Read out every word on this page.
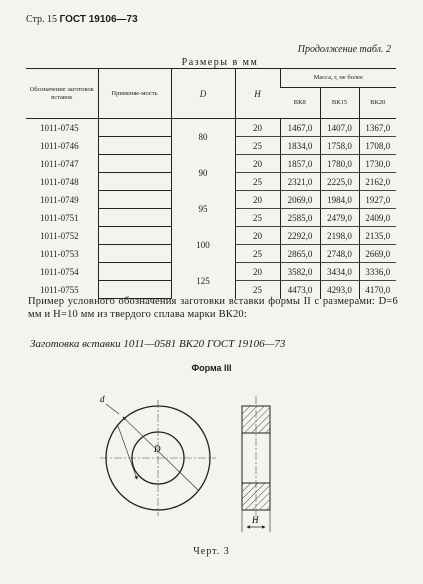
Стр. 15 ГОСТ 19106—73
Продолжение табл. 2
Размеры в мм
Обозначение заготовок вставок	Применяе-мость	D	H	Масса, г, не более		
				ВК8	ВК15	ВК20
1011-0745		80	20	1467,0	1407,0	1367,0
1011-0746			25	1834,0	1758,0	1708,0
1011-0747		90	20	1857,0	1780,0	1730,0
1011-0748			25	2321,0	2225,0	2162,0
1011-0749		95	20	2069,0	1984,0	1927,0
1011-0751			25	2585,0	2479,0	2409,0
1011-0752		100	20	2292,0	2198,0	2135,0
1011-0753			25	2865,0	2748,0	2669,0
1011-0754		125	20	3582,0	3434,0	3336,0
1011-0755			25	4473,0	4293,0	4170,0
Пример условного обозначения заготовки вставки формы II с размерами: D=6 мм и H=10 мм из твердого сплава марки ВК20:
Заготовка вставки 1011—0581 ВК20 ГОСТ 19106—73
Форма III
d
D
H
Черт. 3
